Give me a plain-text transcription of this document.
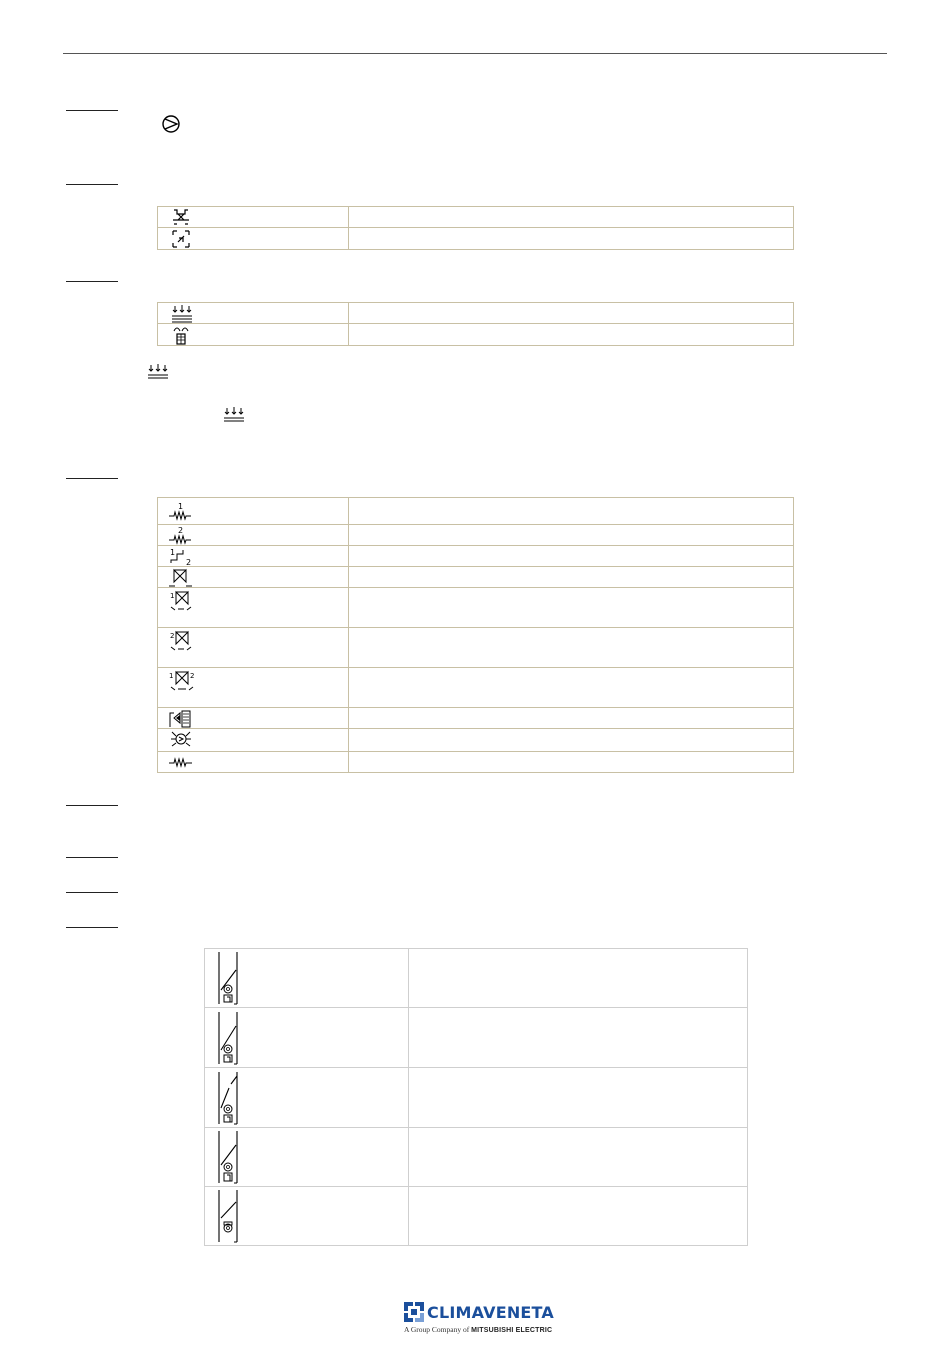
1	

2	

1
2	

1	

2	

1 2	

CLIMAVENETA
A Group Company of MITSUBISHI ELECTRIC
